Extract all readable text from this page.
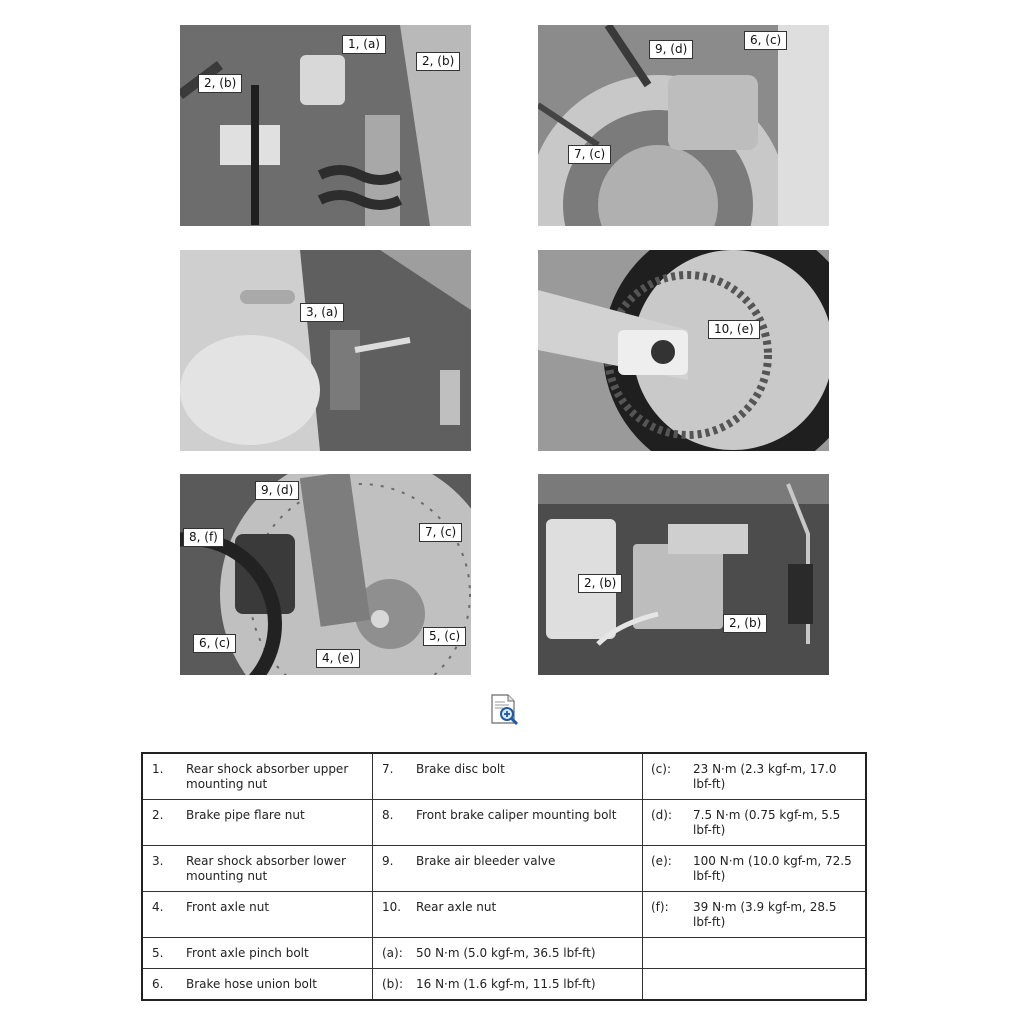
1, (a)
2, (b)
2, (b)
9, (d)
6, (c)
7, (c)
3, (a)
10, (e)
9, (d)
8, (f)	7, (c)
6, (c)
4, (e)
5, (c)
2, (b)
2, (b)
1.	Rear shock absorber upper mounting nut	7.	Brake disc bolt	(c):	23 N·m (2.3 kgf-m, 17.0 lbf-ft)
2.	Brake pipe flare nut	8.	Front brake caliper mounting bolt	(d):	7.5 N·m (0.75 kgf-m, 5.5 lbf-ft)
3.	Rear shock absorber lower mounting nut	9.	Brake air bleeder valve	(e):	100 N·m (10.0 kgf-m, 72.5 lbf-ft)
4.	Front axle nut	10.	Rear axle nut	(f):	39 N·m (3.9 kgf-m, 28.5 lbf-ft)
5.	Front axle pinch bolt	(a):	50 N·m (5.0 kgf-m, 36.5 lbf-ft)		
6.	Brake hose union bolt	(b):	16 N·m (1.6 kgf-m, 11.5 lbf-ft)		
